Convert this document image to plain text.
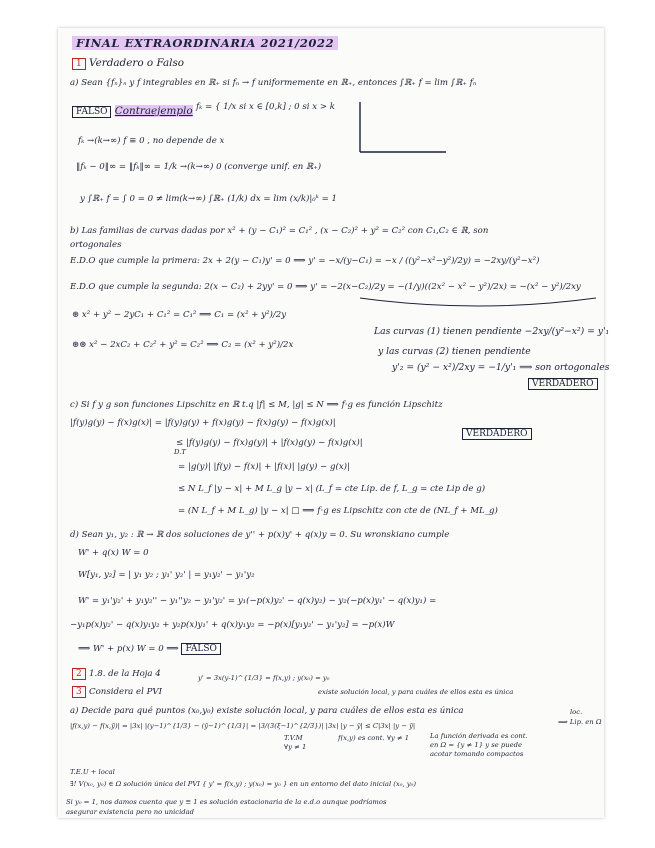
FINAL EXTRAORDINARIA 2021/2022
1 Verdadero o Falso
a) Sean {fₙ}ₙ y f integrables en ℝ₊ si fₙ → f uniformemente en ℝ₊, entonces ∫ℝ₊ f = lim ∫ℝ₊ fₙ
FALSO Contraejemplo fₖ = { 1/x si x ∈ [0,k] ; 0 si x > k
fₖ →(k→∞) f ≡ 0 , no depende de x
‖fₖ − 0‖∞ = ‖fₖ‖∞ = 1/k →(k→∞) 0 (converge unif. en ℝ₊)
y ∫ℝ₊ f = ∫ 0 = 0 ≠ lim(k→∞) ∫ℝ₊ (1/k) dx = lim (x/k)|₀ᵏ = 1
b) Las familias de curvas dadas por x² + (y − C₁)² = C₁² , (x − C₂)² + y² = C₂² con C₁,C₂ ∈ ℝ, son
ortogonales
E.D.O que cumple la primera: 2x + 2(y − C₁)y' = 0 ⟹ y' = −x/(y−C₁) = −x / ((y²−x²−y²)/2y) = −2xy/(y²−x²)
E.D.O que cumple la segunda: 2(x − C₂) + 2yy' = 0 ⟹ y' = −2(x−C₂)/2y = −(1/y)((2x² − x² − y²)/2x) = −(x² − y²)/2xy
⊛ x² + y² − 2yC₁ + C₁² = C₁² ⟹ C₁ = (x² + y²)/2y
⊛⊛ x² − 2xC₂ + C₂² + y² = C₂² ⟹ C₂ = (x² + y²)/2x
Las curvas (1) tienen pendiente −2xy/(y²−x²) = y'₁
y las curvas (2) tienen pendiente
y'₂ = (y² − x²)/2xy = −1/y'₁ ⟹ son ortogonales
VERDADERO
c) Si f y g son funciones Lipschitz en ℝ t.q |f| ≤ M, |g| ≤ N ⟹ f·g es función Lipschitz
|f(y)g(y) − f(x)g(x)| = |f(y)g(y) + f(x)g(y) − f(x)g(y) − f(x)g(x)|
≤ |f(y)g(y) − f(x)g(y)| + |f(x)g(y) − f(x)g(x)|
D.T
VERDADERO
= |g(y)| |f(y) − f(x)| + |f(x)| |g(y) − g(x)|
≤ N L_f |y − x| + M L_g |y − x| (L_f = cte Lip. de f, L_g = cte Lip de g)
= (N L_f + M L_g) |y − x| □ ⟹ f·g es Lipschitz con cte de (NL_f + ML_g)
d) Sean y₁, y₂ : ℝ → ℝ dos soluciones de y'' + p(x)y' + q(x)y = 0. Su wronskiano cumple
W' + q(x) W = 0
W[y₁, y₂] = | y₁ y₂ ; y₁' y₂' | = y₁y₂' − y₁'y₂
W' = y₁'y₂' + y₁y₂'' − y₁''y₂ − y₁'y₂' = y₁(−p(x)y₂' − q(x)y₂) − y₂(−p(x)y₁' − q(x)y₁) =
−y₁p(x)y₂' − q(x)y₁y₂ + y₂p(x)y₁' + q(x)y₁y₂ = −p(x)[y₁y₂' − y₁'y₂] = −p(x)W
⟹ W' + p(x) W = 0 ⟹ FALSO
2 1.8. de la Hoja 4
3 Considera el PVI
y' = 3x(y-1)^{1/3} = f(x,y) ; y(x₀) = y₀
existe solución local, y para cuáles de ellos esta es única
a) Decide para qué puntos (x₀,y₀) existe solución local, y para cuáles de ellos esta es única
|f(x,y) − f(x,ȳ)| = |3x| |(y−1)^{1/3} − (ȳ−1)^{1/3}| = |3/(3(ξ−1)^{2/3})| |3x| |y − ȳ| ≤ C|3x| |y − ȳ|
T.V.M	f(x,y) es cont. ∀y ≠ 1
∀y ≠ 1
loc.
⟹ Lip. en Ω
La función derivada es cont.
en Ω = {y ≠ 1} y se puede
acotar tomando compactos
T.E.U + local
∃! V(x₀, y₀) ∈ Ω solución única del PVI { y' = f(x,y) ; y(x₀) = y₀ } en un entorno del dato inicial (x₀, y₀)
Si y₀ = 1, nos damos cuenta que y ≡ 1 es solución estacionaria de la e.d.o aunque podríamos
asegurar existencia pero no unicidad
